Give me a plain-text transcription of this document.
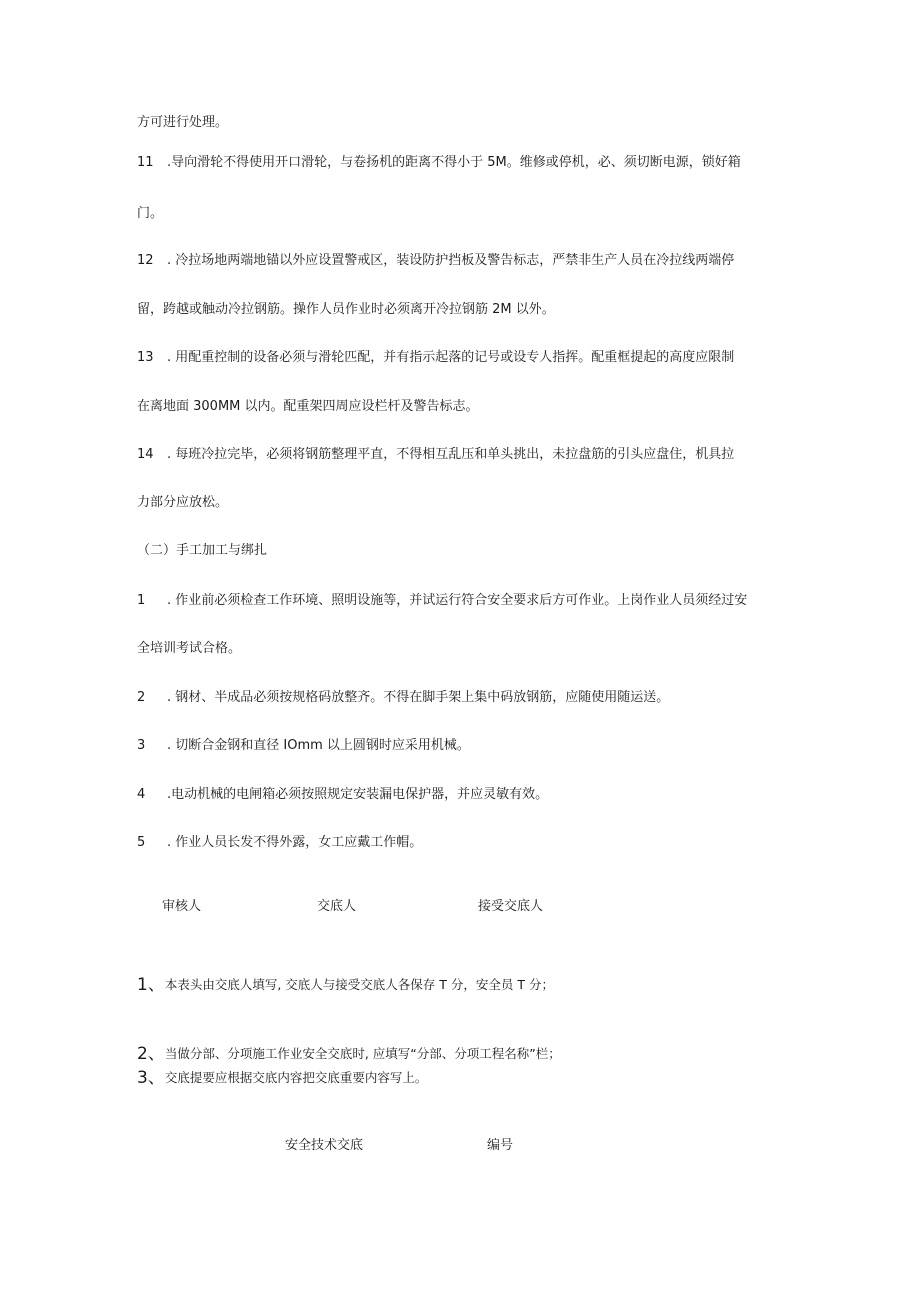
方可进行处理。
11 .导向滑轮不得使用开口滑轮，与卷扬机的距离不得小于 5M。维修或停机，必、须切断电源，锁好箱
门。
12 . 冷拉场地两端地锚以外应设置警戒区，装设防护挡板及警告标志，严禁非生产人员在冷拉线两端停
留，跨越或触动冷拉钢筋。操作人员作业时必须离开冷拉钢筋 2M 以外。
13 . 用配重控制的设备必须与滑轮匹配，并有指示起落的记号或设专人指挥。配重框提起的高度应限制
在离地面 300MM 以内。配重架四周应设栏杆及警告标志。
14 . 每班冷拉完毕，必须将钢筋整理平直，不得相互乱压和单头挑出，未拉盘筋的引头应盘住，机具拉
力部分应放松。
（二）手工加工与绑扎
1 . 作业前必须检查工作环境、照明设施等，并试运行符合安全要求后方可作业。上岗作业人员须经过安
全培训考试合格。
2 . 钢材、半成品必须按规格码放整齐。不得在脚手架上集中码放钢筋，应随使用随运送。
3 . 切断合金钢和直径 IOmm 以上圆钢时应采用机械。
4 .电动机械的电闸箱必须按照规定安装漏电保护器，并应灵敏有效。
5 . 作业人员长发不得外露，女工应戴工作帽。
审核人	交底人	接受交底人
1、本表头由交底人填写, 交底人与接受交底人各保存 T 分，安全员 T 分；
2、当做分部、分项施工作业安全交底时, 应填写“分部、分项工程名称”栏；
3、交底提要应根据交底内容把交底重要内容写上。
安全技术交底	编号
